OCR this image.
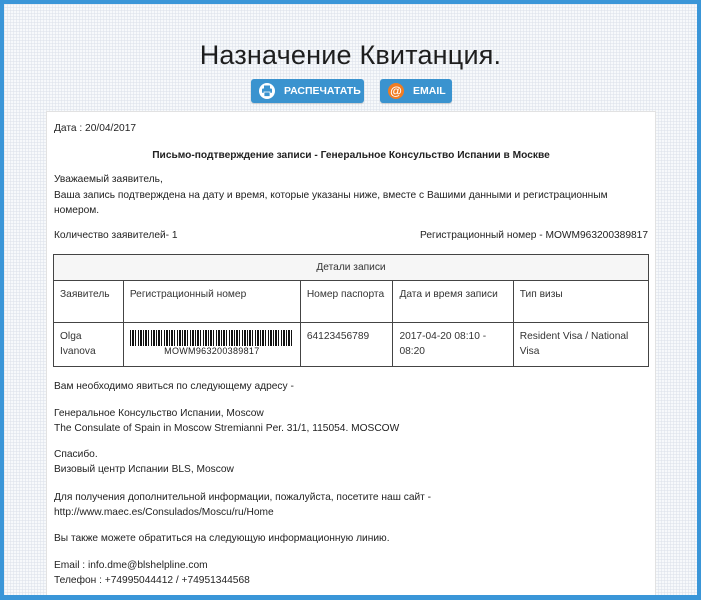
Назначение Квитанция.
РАСПЕЧАТАТЬ @ EMAIL
Дата : 20/04/2017
Письмо-подтверждение записи - Генеральное Консульство Испании в Москве
Уважаемый заявитель,
Ваша запись подтверждена на дату и время, которые указаны ниже, вместе с Вашими данными и регистрационным номером.
Количество заявителей- 1	Регистрационный номер - MOWM963200389817
Детали записи				
Заявитель	Регистрационный номер	Номер паспорта	Дата и время записи	Тип визы
Olga Ivanova	MOWM963200389817	64123456789	2017-04-20 08:10 - 08:20	Resident Visa / National Visa
Вам необходимо явиться по следующему адресу -
Генеральное Консульство Испании, Moscow
The Consulate of Spain in Moscow Stremianni Per. 31/1, 115054. MOSCOW
Спасибо.
Визовый центр Испании BLS, Moscow
Для получения дополнительной информации, пожалуйста, посетите наш сайт - http://www.maec.es/Consulados/Moscu/ru/Home
Вы также можете обратиться на следующую информационную линию.
Email : info.dme@blshelpline.com
Телефон : +74995044412 / +74951344568
